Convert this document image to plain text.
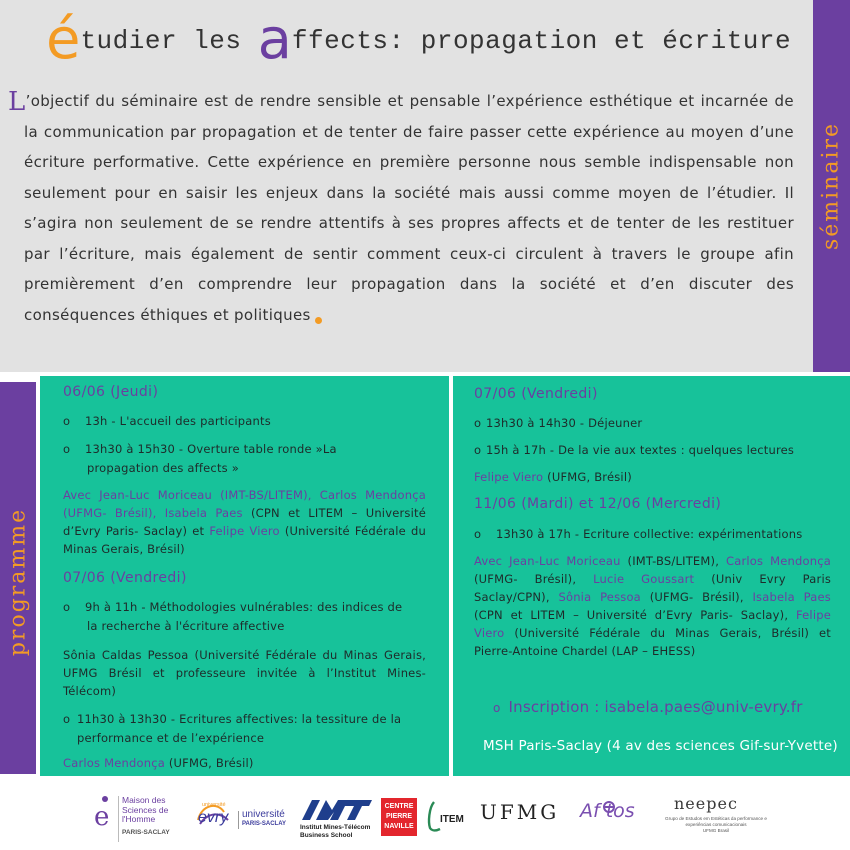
étudier les affects: propagation et écriture
L ’objectif du séminaire est de rendre sensible et pensable l’expérience esthétique et incarnée de la communication par propagation et de tenter de faire passer cette expérience au moyen d’une écriture performative. Cette expérience en première personne nous semble indispensable non seulement pour en saisir les enjeux dans la société mais aussi comme moyen de l’étudier. Il s’agira non seulement de se rendre attentifs à ses propres affects et de tenter de les restituer par l’écriture, mais également de sentir comment ceux-ci circulent à travers le groupe afin premièrement d’en comprendre leur propagation dans la société et d’en discuter des conséquences éthiques et politiques
séminaire
programme
06/06 (Jeudi)
o 13h - L'accueil des participants
o 13h30 à 15h30 - Overture table ronde »La
propagation des affects »
Avec Jean-Luc Moriceau (IMT-BS/LITEM), Carlos Mendonça (UFMG- Brésil), Isabela Paes (CPN et LITEM – Université d’Evry Paris- Saclay) et Felipe Viero (Université Fédérale du Minas Gerais, Brésil)
07/06 (Vendredi)
o 9h à 11h - Méthodologies vulnérables: des indices de
la recherche à l'écriture affective
Sônia Caldas Pessoa (Université Fédérale du Minas Gerais, UFMG Brésil et professeure invitée à l’Institut Mines-Télécom)
o 11h30 à 13h30 - Ecritures affectives: la tessiture de la
performance et de l’expérience
Carlos Mendonça (UFMG, Brésil)
07/06 (Vendredi)
o 13h30 à 14h30 - Déjeuner
o 15h à 17h - De la vie aux textes : quelques lectures
Felipe Viero (UFMG, Brésil)
11/06 (Mardi) et 12/06 (Mercredi)
o 13h30 à 17h - Ecriture collective: expérimentations
Avec Jean-Luc Moriceau (IMT-BS/LITEM), Carlos Mendonça (UFMG- Brésil), Lucie Goussart (Univ Evry Paris Saclay/CPN), Sônia Pessoa (UFMG- Brésil), Isabela Paes (CPN et LITEM – Université d’Evry Paris- Saclay), Felipe Viero (Université Fédérale du Minas Gerais, Brésil) et Pierre-Antoine Chardel (LAP – EHESS)
o Inscription : isabela.paes@univ-evry.fr
MSH Paris-Saclay (4 av des sciences Gif-sur-Yvette)
e
Maison des
Sciences de
l'Homme
PARIS-SACLAY
université
evry université
PARIS-SACLAY Institut Mines-Télécom
Business School
CENTRE
PIERRE
NAVILLE
ITEM UFMG Af tos	neepec
Grupo de Estudos em Estéticas da performance e
experiências comunicacionais
UFMG Brasil
